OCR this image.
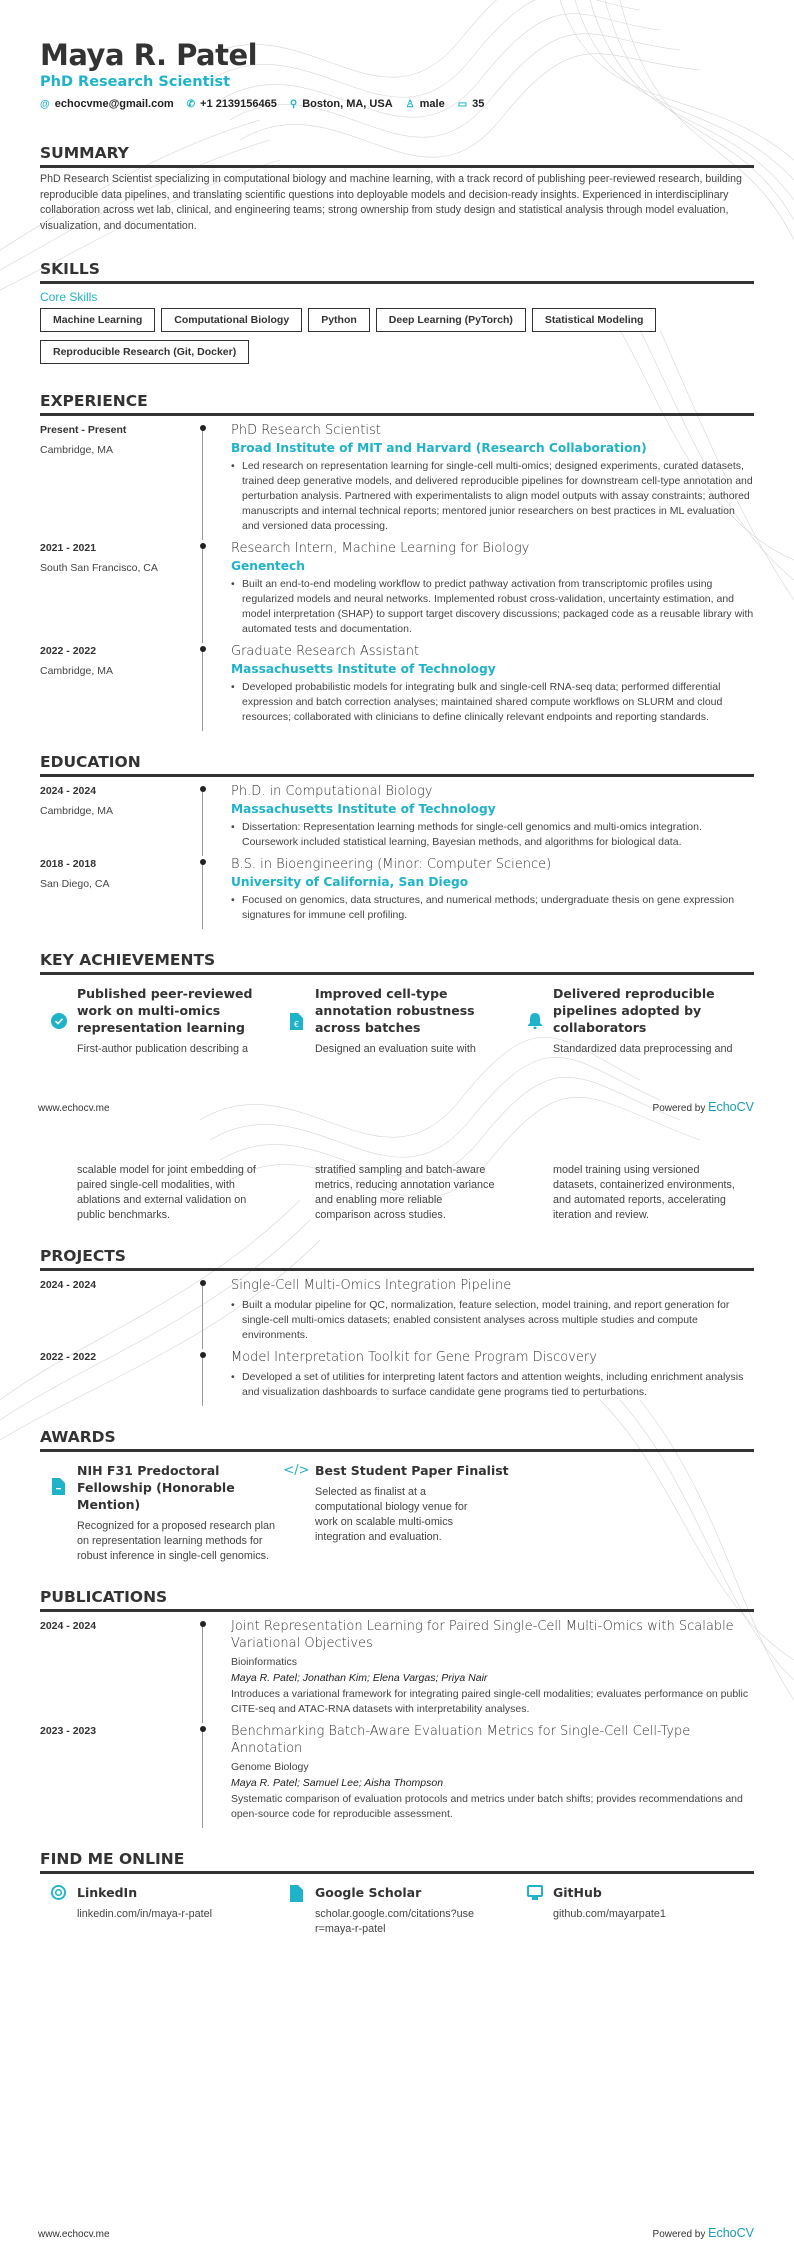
Maya R. Patel
PhD Research Scientist
@ echocvme@gmail.com ✆ +1 2139156465 ⚲ Boston, MA, USA ♙ male ▭ 35
SUMMARY
PhD Research Scientist specializing in computational biology and machine learning, with a track record of publishing peer-reviewed research, building reproducible data pipelines, and translating scientific questions into deployable models and decision-ready insights. Experienced in interdisciplinary collaboration across wet lab, clinical, and engineering teams; strong ownership from study design and statistical analysis through model evaluation, visualization, and documentation.
SKILLS
Core Skills
Machine Learning	Computational Biology	Python	Deep Learning (PyTorch)	Statistical Modeling
Reproducible Research (Git, Docker)
EXPERIENCE
Present - Present
Cambridge, MA
PhD Research Scientist
Broad Institute of MIT and Harvard (Research Collaboration)
• Led research on representation learning for single-cell multi-omics; designed experiments, curated datasets, trained deep generative models, and delivered reproducible pipelines for downstream cell-type annotation and perturbation analysis. Partnered with experimentalists to align model outputs with assay constraints; authored manuscripts and internal technical reports; mentored junior researchers on best practices in ML evaluation and versioned data processing.
2021 - 2021
South San Francisco, CA
Research Intern, Machine Learning for Biology
Genentech
• Built an end-to-end modeling workflow to predict pathway activation from transcriptomic profiles using regularized models and neural networks. Implemented robust cross-validation, uncertainty estimation, and model interpretation (SHAP) to support target discovery discussions; packaged code as a reusable library with automated tests and documentation.
2022 - 2022
Cambridge, MA
Graduate Research Assistant
Massachusetts Institute of Technology
• Developed probabilistic models for integrating bulk and single-cell RNA-seq data; performed differential expression and batch correction analyses; maintained shared compute workflows on SLURM and cloud resources; collaborated with clinicians to define clinically relevant endpoints and reporting standards.
EDUCATION
2024 - 2024
Cambridge, MA
Ph.D. in Computational Biology
Massachusetts Institute of Technology
• Dissertation: Representation learning methods for single-cell genomics and multi-omics integration. Coursework included statistical learning, Bayesian methods, and algorithms for biological data.
2018 - 2018
San Diego, CA
B.S. in Bioengineering (Minor: Computer Science)
University of California, San Diego
• Focused on genomics, data structures, and numerical methods; undergraduate thesis on gene expression signatures for immune cell profiling.
KEY ACHIEVEMENTS
Published peer-reviewed work on multi-omics representation learning
First-author publication describing a
€
Improved cell-type annotation robustness across batches
Designed an evaluation suite with
Delivered reproducible pipelines adopted by collaborators
Standardized data preprocessing and
www.echocv.me	Powered by EchoCV
scalable model for joint embedding of paired single-cell modalities, with ablations and external validation on public benchmarks.
stratified sampling and batch-aware metrics, reducing annotation variance and enabling more reliable comparison across studies.
model training using versioned datasets, containerized environments, and automated reports, accelerating iteration and review.
PROJECTS
2024 - 2024	Single-Cell Multi-Omics Integration Pipeline
• Built a modular pipeline for QC, normalization, feature selection, model training, and report generation for single-cell multi-omics datasets; enabled consistent analyses across multiple studies and compute environments.
2022 - 2022	Model Interpretation Toolkit for Gene Program Discovery
• Developed a set of utilities for interpreting latent factors and attention weights, including enrichment analysis and visualization dashboards to surface candidate gene programs tied to perturbations.
AWARDS
NIH F31 Predoctoral Fellowship (Honorable Mention)
Recognized for a proposed research plan on representation learning methods for robust inference in single-cell genomics.
</> Best Student Paper Finalist
Selected as finalist at a computational biology venue for work on scalable multi-omics integration and evaluation.
PUBLICATIONS
2024 - 2024	Joint Representation Learning for Paired Single-Cell Multi-Omics with Scalable Variational Objectives
Bioinformatics
Maya R. Patel; Jonathan Kim; Elena Vargas; Priya Nair
Introduces a variational framework for integrating paired single-cell modalities; evaluates performance on public CITE-seq and ATAC-RNA datasets with interpretability analyses.
2023 - 2023	Benchmarking Batch-Aware Evaluation Metrics for Single-Cell Cell-Type Annotation
Genome Biology
Maya R. Patel; Samuel Lee; Aisha Thompson
Systematic comparison of evaluation protocols and metrics under batch shifts; provides recommendations and open-source code for reproducible assessment.
FIND ME ONLINE
LinkedIn
linkedin.com/in/maya-r-patel
Google Scholar
scholar.google.com/citations?user=maya-r-patel
GitHub
github.com/mayarpate1
www.echocv.me	Powered by EchoCV
